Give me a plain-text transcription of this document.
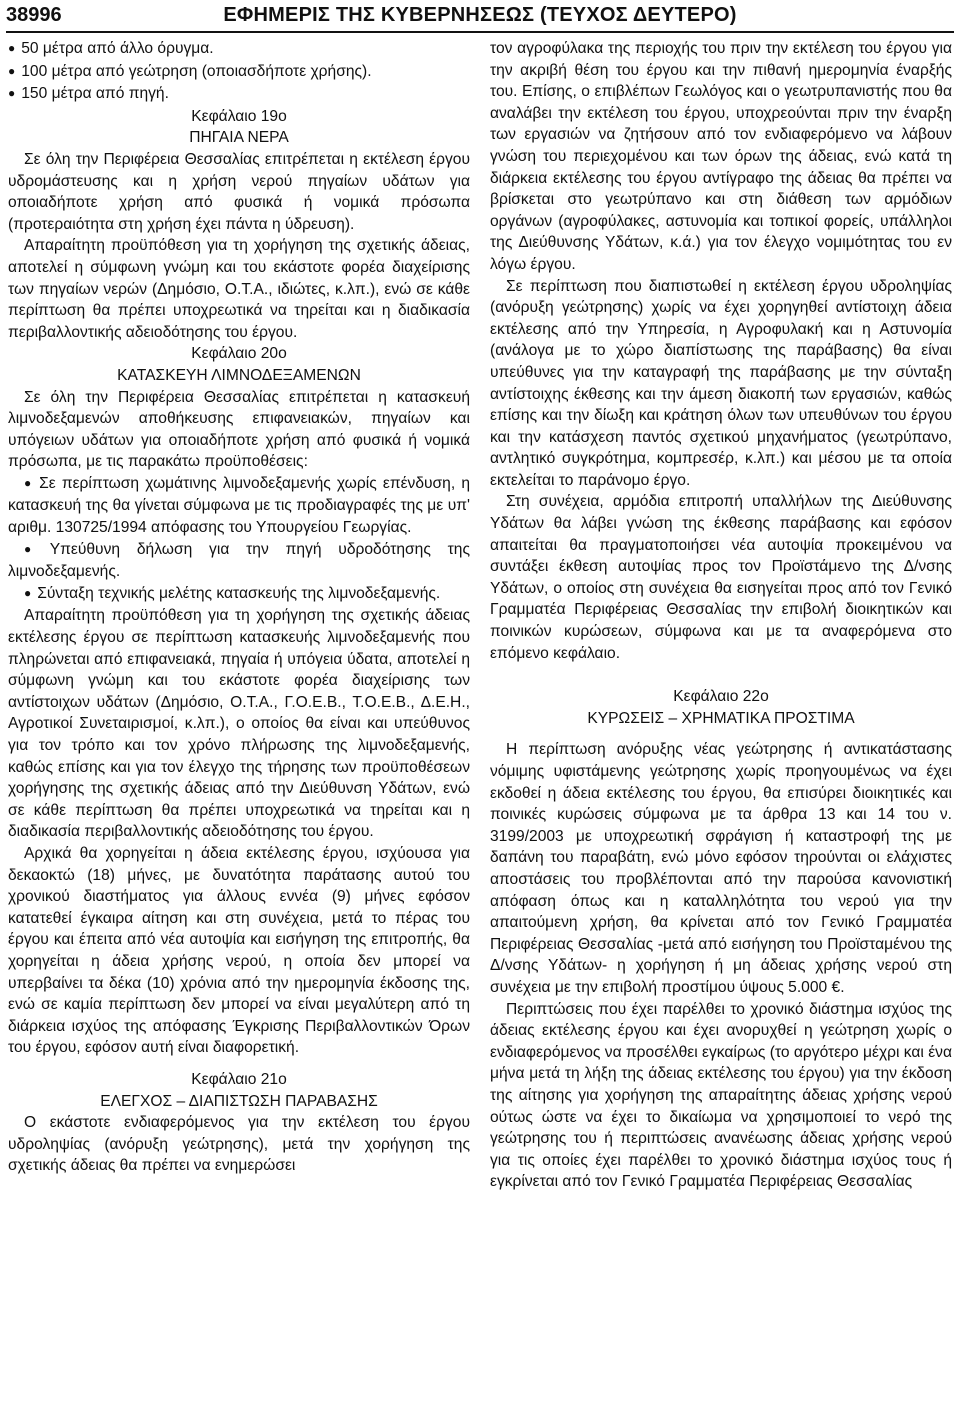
38996	ΕΦΗΜΕΡΙΣ ΤΗΣ ΚΥΒΕΡΝΗΣΕΩΣ (ΤΕΥΧΟΣ ΔΕΥΤΕΡΟ)

● 50 μέτρα από άλλο όρυγμα.

● 100 μέτρα από γεώτρηση (οποιασδήποτε χρήσης).

● 150 μέτρα από πηγή.

Κεφάλαιο 19ο

ΠΗΓΑΙΑ ΝΕΡΑ

Σε όλη την Περιφέρεια Θεσσαλίας επιτρέπεται η εκτέλεση έργου υδρομάστευσης και η χρήση νερού πηγαίων υδάτων για οποιαδήποτε χρήση από φυσικά ή νομικά πρόσωπα (προτεραιότητα στη χρήση έχει πάντα η ύδρευση).

Απαραίτητη προϋπόθεση για τη χορήγηση της σχετικής άδειας, αποτελεί η σύμφωνη γνώμη και του εκάστοτε φορέα διαχείρισης των πηγαίων νερών (Δημόσιο, Ο.Τ.Α., ιδιώτες, κ.λπ.), ενώ σε κάθε περίπτωση θα πρέπει υποχρεωτικά να τηρείται και η διαδικασία περιβαλλοντικής αδειοδότησης του έργου.

Κεφάλαιο 20ο

ΚΑΤΑΣΚΕΥΗ ΛΙΜΝΟΔΕΞΑΜΕΝΩΝ

Σε όλη την Περιφέρεια Θεσσαλίας επιτρέπεται η κατασκευή λιμνοδεξαμενών αποθήκευσης επιφανειακών, πηγαίων και υπόγειων υδάτων για οποιαδήποτε χρήση από φυσικά ή νομικά πρόσωπα, με τις παρακάτω προϋποθέσεις:

● Σε περίπτωση χωμάτινης λιμνοδεξαμενής χωρίς επένδυση, η κατασκευή της θα γίνεται σύμφωνα με τις προδιαγραφές της με υπ' αριθμ. 130725/1994 απόφασης του Υπουργείου Γεωργίας.

● Υπεύθυνη δήλωση για την πηγή υδροδότησης της λιμνοδεξαμενής.

● Σύνταξη τεχνικής μελέτης κατασκευής της λιμνοδεξαμενής.

Απαραίτητη προϋπόθεση για τη χορήγηση της σχετικής άδειας εκτέλεσης έργου σε περίπτωση κατασκευής λιμνοδεξαμενής που πληρώνεται από επιφανειακά, πηγαία ή υπόγεια ύδατα, αποτελεί η σύμφωνη γνώμη και του εκάστοτε φορέα διαχείρισης των αντίστοιχων υδάτων (Δημόσιο, Ο.Τ.Α., Γ.Ο.Ε.Β., Τ.Ο.Ε.Β., Δ.Ε.Η., Αγροτικοί Συνεταιρισμοί, κ.λπ.), ο οποίος θα είναι και υπεύθυνος για τον τρόπο και τον χρόνο πλήρωσης της λιμνοδεξαμενής, καθώς επίσης και για τον έλεγχο της τήρησης των προϋποθέσεων χορήγησης της σχετικής άδειας από την Διεύθυνση Υδάτων, ενώ σε κάθε περίπτωση θα πρέπει υποχρεωτικά να τηρείται και η διαδικασία περιβαλλοντικής αδειοδότησης του έργου.

Αρχικά θα χορηγείται η άδεια εκτέλεσης έργου, ισχύουσα για δεκαοκτώ (18) μήνες, με δυνατότητα παράτασης αυτού του χρονικού διαστήματος για άλλους εννέα (9) μήνες εφόσον κατατεθεί έγκαιρα αίτηση και στη συνέχεια, μετά το πέρας του έργου και έπειτα από νέα αυτοψία και εισήγηση της επιτροπής, θα χορηγείται η άδεια χρήσης νερού, η οποία δεν μπορεί να υπερβαίνει τα δέκα (10) χρόνια από την ημερομηνία έκδοσης της, ενώ σε καμία περίπτωση δεν μπορεί να είναι μεγαλύτερη από τη διάρκεια ισχύος της απόφασης Έγκρισης Περιβαλλοντικών Όρων του έργου, εφόσον αυτή είναι διαφορετική.

Κεφάλαιο 21ο

ΕΛΕΓΧΟΣ – ΔΙΑΠΙΣΤΩΣΗ ΠΑΡΑΒΑΣΗΣ

Ο εκάστοτε ενδιαφερόμενος για την εκτέλεση του έργου υδροληψίας (ανόρυξη γεώτρησης), μετά την χορήγηση της σχετικής άδειας θα πρέπει να ενημερώσει

τον αγροφύλακα της περιοχής του πριν την εκτέλεση του έργου για την ακριβή θέση του έργου και την πιθανή ημερομηνία έναρξής του. Επίσης, ο επιβλέπων Γεωλόγος και ο γεωτρυπανιστής που θα αναλάβει την εκτέλεση του έργου, υποχρεούνται πριν την έναρξη των εργασιών να ζητήσουν από τον ενδιαφερόμενο να λάβουν γνώση του περιεχομένου και των όρων της άδειας, ενώ κατά τη διάρκεια εκτέλεσης του έργου αντίγραφο της άδειας θα πρέπει να βρίσκεται στο γεωτρύπανο και στη διάθεση των αρμόδιων οργάνων (αγροφύλακες, αστυνομία και τοπικοί φορείς, υπάλληλοι της Διεύθυνσης Υδάτων, κ.ά.) για τον έλεγχο νομιμότητας του εν λόγω έργου.

Σε περίπτωση που διαπιστωθεί η εκτέλεση έργου υδροληψίας (ανόρυξη γεώτρησης) χωρίς να έχει χορηγηθεί αντίστοιχη άδεια εκτέλεσης από την Υπηρεσία, η Αγροφυλακή και η Αστυνομία (ανάλογα με το χώρο διαπίστωσης της παράβασης) θα είναι υπεύθυνες για την καταγραφή της παράβασης με την σύνταξη αντίστοιχης έκθεσης και την άμεση διακοπή των εργασιών, καθώς επίσης και την δίωξη και κράτηση όλων των υπευθύνων του έργου και την κατάσχεση παντός σχετικού μηχανήματος (γεωτρύπανο, αντλητικό συγκρότημα, κομπρεσέρ, κ.λπ.) και μέσου με τα οποία εκτελείται το παράνομο έργο.

Στη συνέχεια, αρμόδια επιτροπή υπαλλήλων της Διεύθυνσης Υδάτων θα λάβει γνώση της έκθεσης παράβασης και εφόσον απαιτείται θα πραγματοποιήσει νέα αυτοψία προκειμένου να συντάξει έκθεση αυτοψίας προς τον Προϊστάμενο της Δ/νσης Υδάτων, ο οποίος στη συνέχεια θα εισηγείται προς από τον Γενικό Γραμματέα Περιφέρειας Θεσσαλίας την επιβολή διοικητικών και ποινικών κυρώσεων, σύμφωνα και με τα αναφερόμενα στο επόμενο κεφάλαιο.

Κεφάλαιο 22ο

ΚΥΡΩΣΕΙΣ – ΧΡΗΜΑΤΙΚΑ ΠΡΟΣΤΙΜΑ

Η περίπτωση ανόρυξης νέας γεώτρησης ή αντικατάστασης νόμιμης υφιστάμενης γεώτρησης χωρίς προηγουμένως να έχει εκδοθεί η άδεια εκτέλεσης του έργου, θα επισύρει διοικητικές και ποινικές κυρώσεις σύμφωνα με τα άρθρα 13 και 14 του ν. 3199/2003 με υποχρεωτική σφράγιση ή καταστροφή της με δαπάνη του παραβάτη, ενώ μόνο εφόσον τηρούνται οι ελάχιστες αποστάσεις του προβλέπονται από την παρούσα κανονιστική απόφαση όπως και η καταλληλότητα του νερού για την απαιτούμενη χρήση, θα κρίνεται από τον Γενικό Γραμματέα Περιφέρειας Θεσσαλίας -μετά από εισήγηση του Προϊσταμένου της Δ/νσης Υδάτων- η χορήγηση ή μη άδειας χρήσης νερού στη συνέχεια με την επιβολή προστίμου ύψους 5.000 €.

Περιπτώσεις που έχει παρέλθει το χρονικό διάστημα ισχύος της άδειας εκτέλεσης έργου και έχει ανορυχθεί η γεώτρηση χωρίς ο ενδιαφερόμενος να προσέλθει εγκαίρως (το αργότερο μέχρι και ένα μήνα μετά τη λήξη της άδειας εκτέλεσης του έργου) για την έκδοση της αίτησης για χορήγηση της απαραίτητης άδειας χρήσης νερού ούτως ώστε να έχει το δικαίωμα να χρησιμοποιεί το νερό της γεώτρησης του ή περιπτώσεις ανανέωσης άδειας χρήσης νερού για τις οποίες έχει παρέλθει το χρονικό διάστημα ισχύος τους ή εγκρίνεται από τον Γενικό Γραμματέα Περιφέρειας Θεσσαλίας
